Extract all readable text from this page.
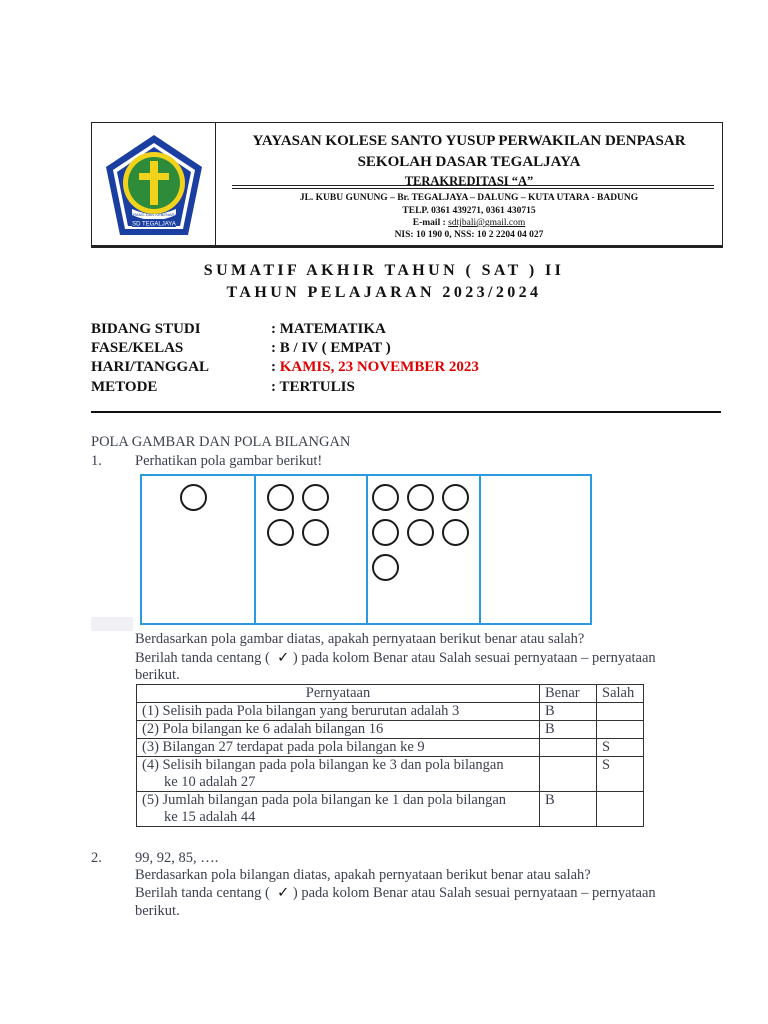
TERANG DAN KEBENARAN
SD TEGALJAYA
YAYASAN KOLESE SANTO YUSUP PERWAKILAN DENPASAR
SEKOLAH DASAR TEGALJAYA
TERAKREDITASI “A”
JL. KUBU GUNUNG – Br. TEGALJAYA – DALUNG – KUTA UTARA - BADUNG
TELP. 0361 439271, 0361 430715
E-mail : sdtjbali@gmail.com
NIS: 10 190 0, NSS: 10 2 2204 04 027
SUMATIF AKHIR TAHUN ( SAT ) II
TAHUN PELAJARAN 2023/2024
BIDANG STUDI	: MATEMATIKA
FASE/KELAS	: B / IV ( EMPAT )
HARI/TANGGAL	: KAMIS, 23 NOVEMBER 2023
METODE	: TERTULIS
POLA GAMBAR DAN POLA BILANGAN
1. Perhatikan pola gambar berikut!
Berdasarkan pola gambar diatas, apakah pernyataan berikut benar atau salah?
Berilah tanda centang ( ✓ ) pada kolom Benar atau Salah sesuai pernyataan – pernyataan
berikut.
Pernyataan	Benar	Salah
(1) Selisih pada Pola bilangan yang berurutan adalah 3	B	
(2) Pola bilangan ke 6 adalah bilangan 16	B	
(3) Bilangan 27 terdapat pada pola bilangan ke 9		S

(4) Selisih bilangan pada pola bilangan ke 3 dan pola bilangan
ke 10 adalah 27		S

(5) Jumlah bilangan pada pola bilangan ke 1 dan pola bilangan
ke 15 adalah 44	B	
2. 99, 92, 85, ….
Berdasarkan pola bilangan diatas, apakah pernyataan berikut benar atau salah?
Berilah tanda centang ( ✓ ) pada kolom Benar atau Salah sesuai pernyataan – pernyataan
berikut.
